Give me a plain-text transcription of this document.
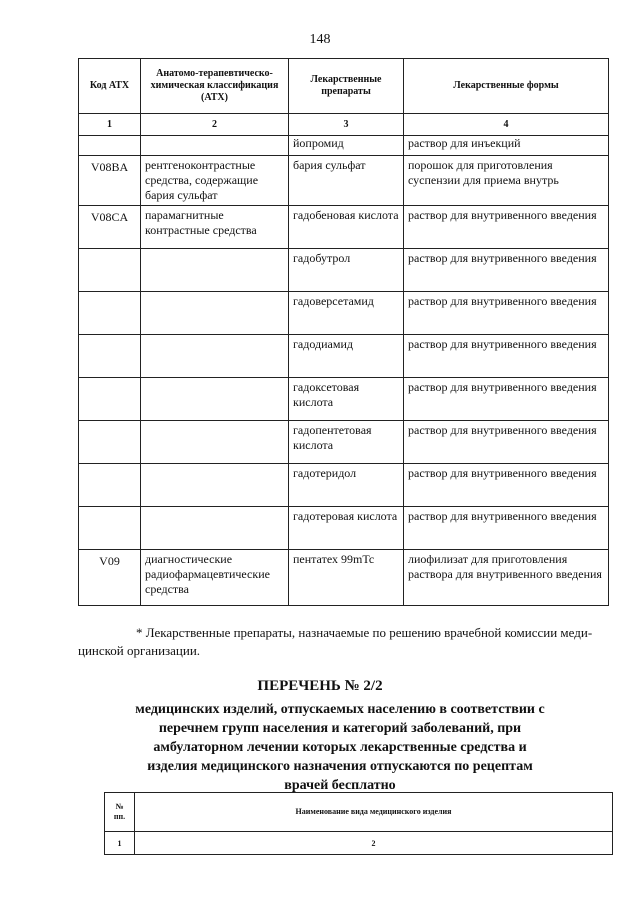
148
Код АТХ	Анатомо-терапевтическо-химическая классификация (АТХ)	Лекарственные препараты	Лекарственные формы
1	2	3	4
		йопромид	раствор для инъекций
V08BA	рентгеноконтрастные средства, содержащие бария сульфат	бария сульфат	порошок для приготовления суспензии для приема внутрь
V08CA	парамагнитные контрастные средства	гадобеновая кислота	раствор для внутривенного введения
		гадобутрол	раствор для внутривенного введения
		гадоверсетамид	раствор для внутривенного введения
		гадодиамид	раствор для внутривенного введения
		гадоксетовая кислота	раствор для внутривенного введения
		гадопентетовая кислота	раствор для внутривенного введения
		гадотеридол	раствор для внутривенного введения
		гадотеровая кислота	раствор для внутривенного введения
V09	диагностические радиофармацевтические средства	пентатех 99mTc	лиофилизат для приготовления раствора для внутривенного введения

* Лекарственные препараты, назначаемые по решению врачебной комиссии меди-
цинской организации.

ПЕРЕЧЕНЬ № 2/2
медицинских изделий, отпускаемых населению в соответствии с перечнем групп населения и категорий заболеваний, при амбулаторном лечении которых лекарственные средства и изделия медицинского назначения отпускаются по рецептам врачей бесплатно
№ пп.	Наименование вида медицинского изделия
1	2
